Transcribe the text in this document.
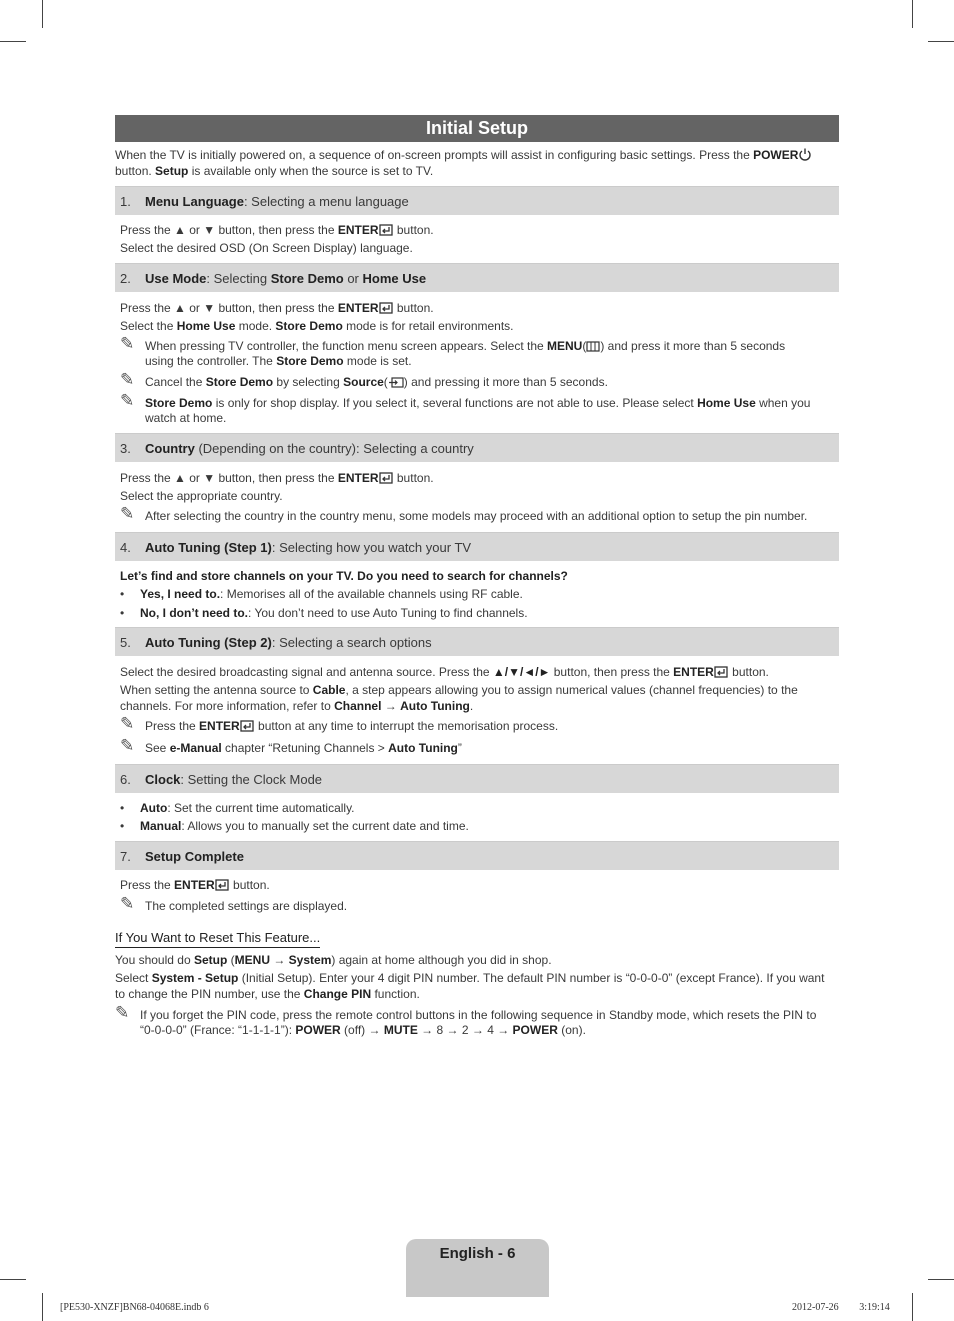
Initial Setup
When the TV is initially powered on, a sequence of on-screen prompts will assist in configuring basic settings. Press the POWER
button. Setup is available only when the source is set to TV.
1. Menu Language: Selecting a menu language
Press the ▲ or ▼ button, then press the ENTER button.
Select the desired OSD (On Screen Display) language.
2. Use Mode: Selecting Store Demo or Home Use
Press the ▲ or ▼ button, then press the ENTER button.
Select the Home Use mode. Store Demo mode is for retail environments.
✎ When pressing TV controller, the function menu screen appears. Select the MENU( ) and press it more than 5 seconds
using the controller. The Store Demo mode is set.
✎ Cancel the Store Demo by selecting Source( ) and pressing it more than 5 seconds.
✎ Store Demo is only for shop display. If you select it, several functions are not able to use. Please select Home Use when you
watch at home.
3. Country (Depending on the country): Selecting a country
Press the ▲ or ▼ button, then press the ENTER button.
Select the appropriate country.
✎ After selecting the country in the country menu, some models may proceed with an additional option to setup the pin number.
4. Auto Tuning (Step 1): Selecting how you watch your TV
Let’s find and store channels on your TV. Do you need to search for channels?
• Yes, I need to.: Memorises all of the available channels using RF cable.
• No, I don’t need to.: You don’t need to use Auto Tuning to find channels.
5. Auto Tuning (Step 2): Selecting a search options
Select the desired broadcasting signal and antenna source. Press the ▲/▼/◄/► button, then press the ENTER button.
When setting the antenna source to Cable, a step appears allowing you to assign numerical values (channel frequencies) to the
channels. For more information, refer to Channel → Auto Tuning.
✎ Press the ENTER button at any time to interrupt the memorisation process.
✎ See e-Manual chapter “Retuning Channels > Auto Tuning”
6. Clock: Setting the Clock Mode
• Auto: Set the current time automatically.
• Manual: Allows you to manually set the current date and time.
7. Setup Complete
Press the ENTER button.
✎ The completed settings are displayed.
If You Want to Reset This Feature...
You should do Setup (MENU → System) again at home although you did in shop.
Select System - Setup (Initial Setup). Enter your 4 digit PIN number. The default PIN number is “0-0-0-0” (except France). If you want
to change the PIN number, use the Change PIN function.
✎ If you forget the PIN code, press the remote control buttons in the following sequence in Standby mode, which resets the PIN to
“0-0-0-0” (France: “1-1-1-1”): POWER (off) → MUTE → 8 → 2 → 4 → POWER (on).
English - 6
[PE530-XNZF]BN68-04068E.indb 6	2012-07-26 ￿￿ 3:19:14
